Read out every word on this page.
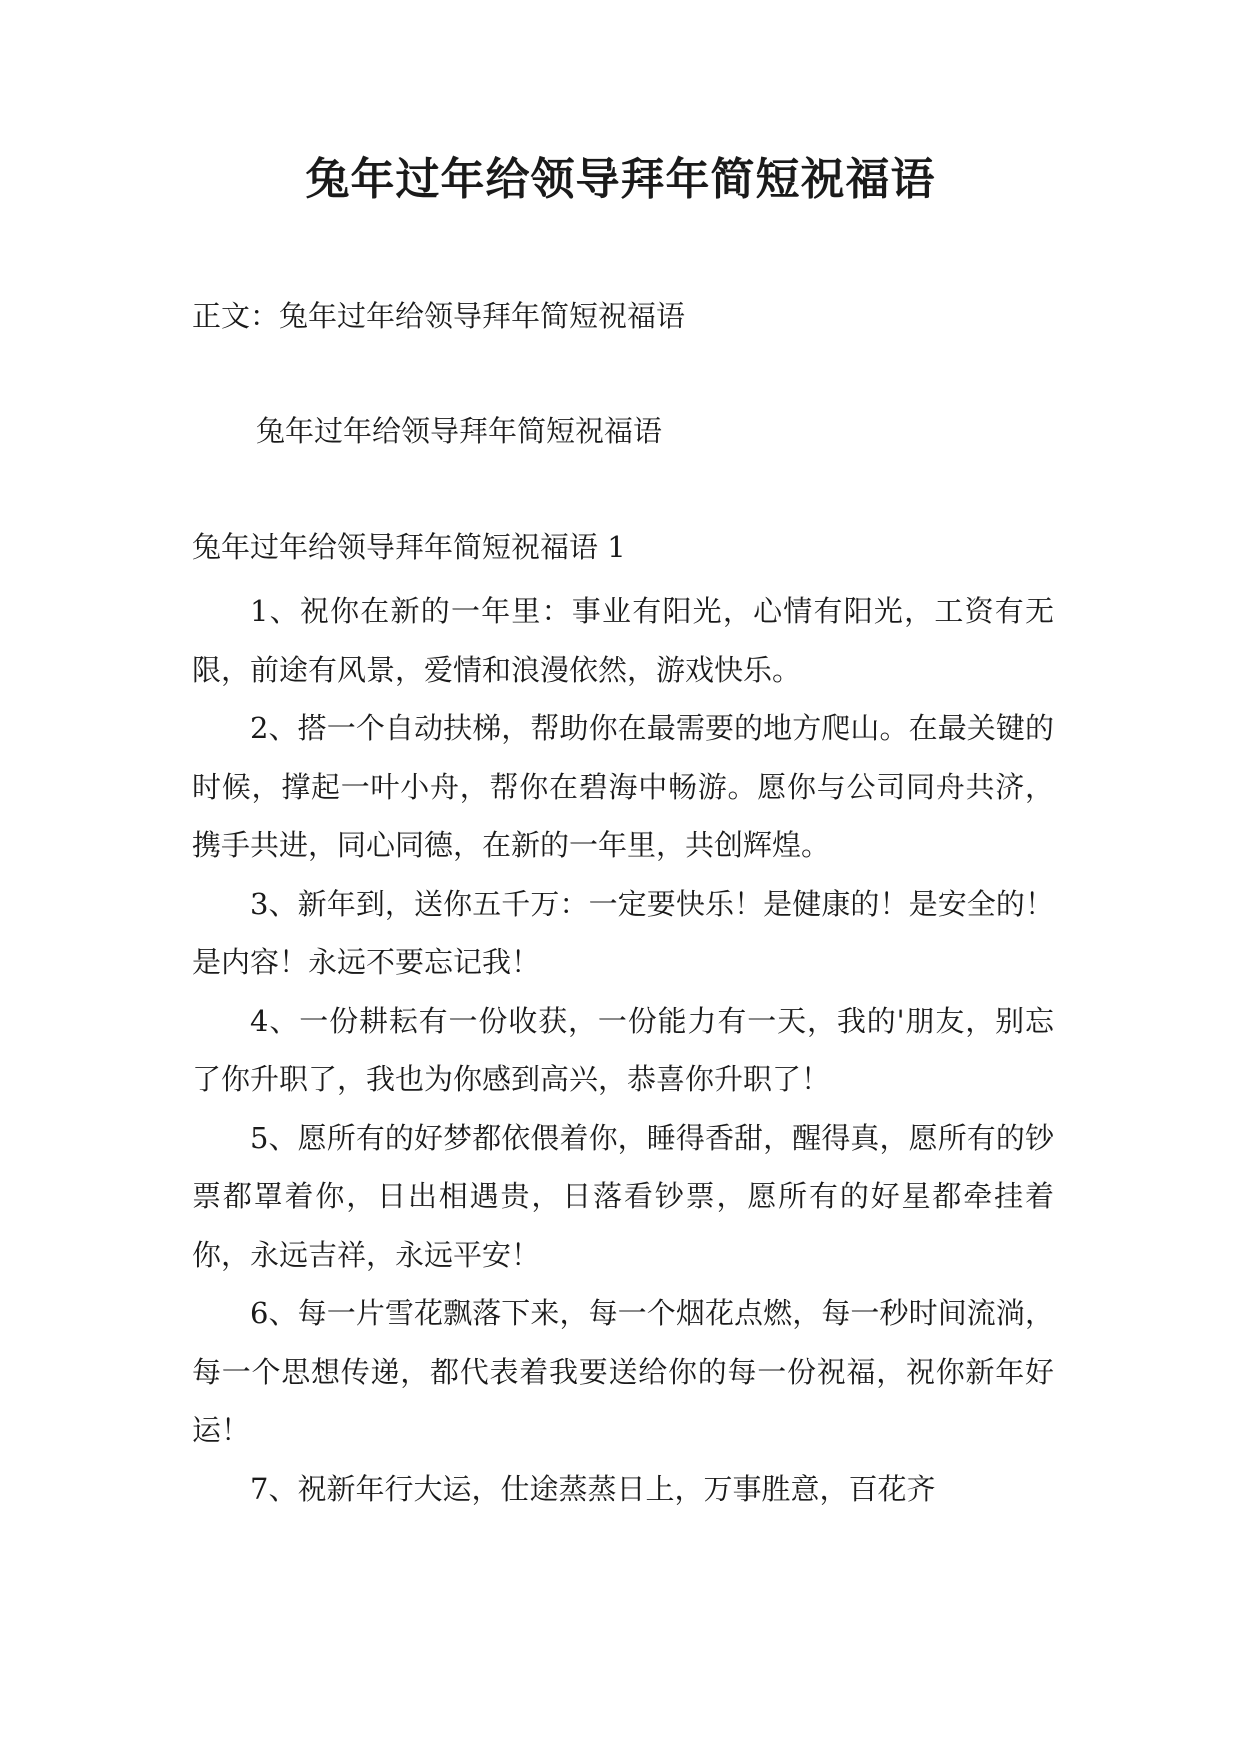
兔年过年给领导拜年简短祝福语

正文：兔年过年给领导拜年简短祝福语

兔年过年给领导拜年简短祝福语

兔年过年给领导拜年简短祝福语 1

1、祝你在新的一年里：事业有阳光，心情有阳光，工资有无限，前途有风景，爱情和浪漫依然，游戏快乐。

2、搭一个自动扶梯，帮助你在最需要的地方爬山。在最关键的时候，撑起一叶小舟，帮你在碧海中畅游。愿你与公司同舟共济，携手共进，同心同德，在新的一年里，共创辉煌。

3、新年到，送你五千万：一定要快乐！是健康的！是安全的！是内容！永远不要忘记我！

4、一份耕耘有一份收获，一份能力有一天，我的'朋友，别忘了你升职了，我也为你感到高兴，恭喜你升职了！

5、愿所有的好梦都依偎着你，睡得香甜，醒得真，愿所有的钞票都罩着你，日出相遇贵，日落看钞票，愿所有的好星都牵挂着你，永远吉祥，永远平安！

6、每一片雪花飘落下来，每一个烟花点燃，每一秒时间流淌，每一个思想传递，都代表着我要送给你的每一份祝福，祝你新年好运！

7、祝新年行大运，仕途蒸蒸日上，万事胜意，百花齐
